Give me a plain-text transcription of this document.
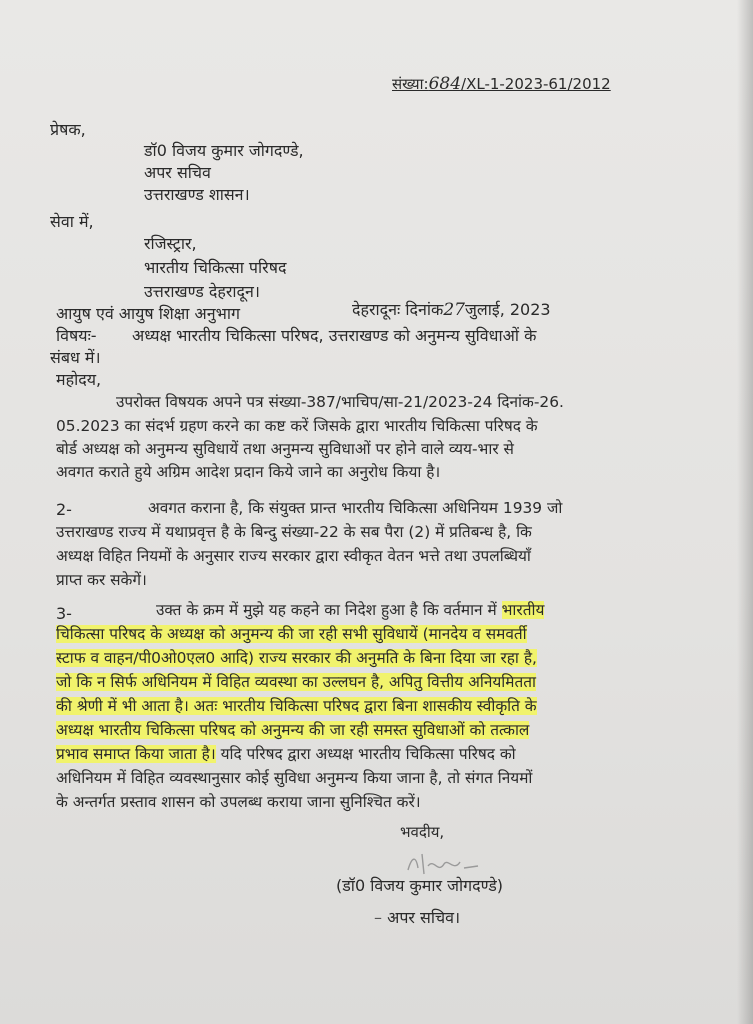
संख्या:684/XL-1-2023-61/2012
प्रेषक,
डॉ0 विजय कुमार जोगदण्डे,
अपर सचिव
उत्तराखण्ड शासन।
सेवा में,
रजिस्ट्रार,
भारतीय चिकित्सा परिषद
उत्तराखण्ड देहरादून।
आयुष एवं आयुष शिक्षा अनुभाग	देहरादूनः दिनांक27जुलाई, 2023
विषयः- अध्यक्ष भारतीय चिकित्सा परिषद, उत्तराखण्ड को अनुमन्य सुविधाओं के
संबध में।
महोदय,
उपरोक्त विषयक अपने पत्र संख्या-387/भाचिप/सा-21/2023-24 दिनांक-26.
05.2023 का संदर्भ ग्रहण करने का कष्ट करें जिसके द्वारा भारतीय चिकित्सा परिषद के
बोर्ड अध्यक्ष को अनुमन्य सुविधायें तथा अनुमन्य सुविधाओं पर होने वाले व्यय-भार से
अवगत कराते हुये अग्रिम आदेश प्रदान किये जाने का अनुरोध किया है।
2-	अवगत कराना है, कि संयुक्त प्रान्त भारतीय चिकित्सा अधिनियम 1939 जो
उत्तराखण्ड राज्य में यथाप्रवृत्त है के बिन्दु संख्या-22 के सब पैरा (2) में प्रतिबन्ध है, कि
अध्यक्ष विहित नियमों के अनुसार राज्य सरकार द्वारा स्वीकृत वेतन भत्ते तथा उपलब्धियॉं
प्राप्त कर सकेगें।
3-	उक्त के क्रम में मुझे यह कहने का निदेश हुआ है कि वर्तमान में भारतीय
चिकित्सा परिषद के अध्यक्ष को अनुमन्य की जा रही सभी सुविधायें (मानदेय व समवर्ती
स्टाफ व वाहन/पी0ओ0एल0 आदि) राज्य सरकार की अनुमति के बिना दिया जा रहा है,
जो कि न सिर्फ अधिनियम में विहित व्यवस्था का उल्लघन है, अपितु वित्तीय अनियमितता
की श्रेणी में भी आता है। अतः भारतीय चिकित्सा परिषद द्वारा बिना शासकीय स्वीकृति के
अध्यक्ष भारतीय चिकित्सा परिषद को अनुमन्य की जा रही समस्त सुविधाओं को तत्काल
प्रभाव समाप्त किया जाता है। यदि परिषद द्वारा अध्यक्ष भारतीय चिकित्सा परिषद को
अधिनियम में विहित व्यवस्थानुसार कोई सुविधा अनुमन्य किया जाना है, तो संगत नियमों
के अन्तर्गत प्रस्ताव शासन को उपलब्ध कराया जाना सुनिश्चित करें।
भवदीय,
(डॉ0 विजय कुमार जोगदण्डे)
– अपर सचिव।
